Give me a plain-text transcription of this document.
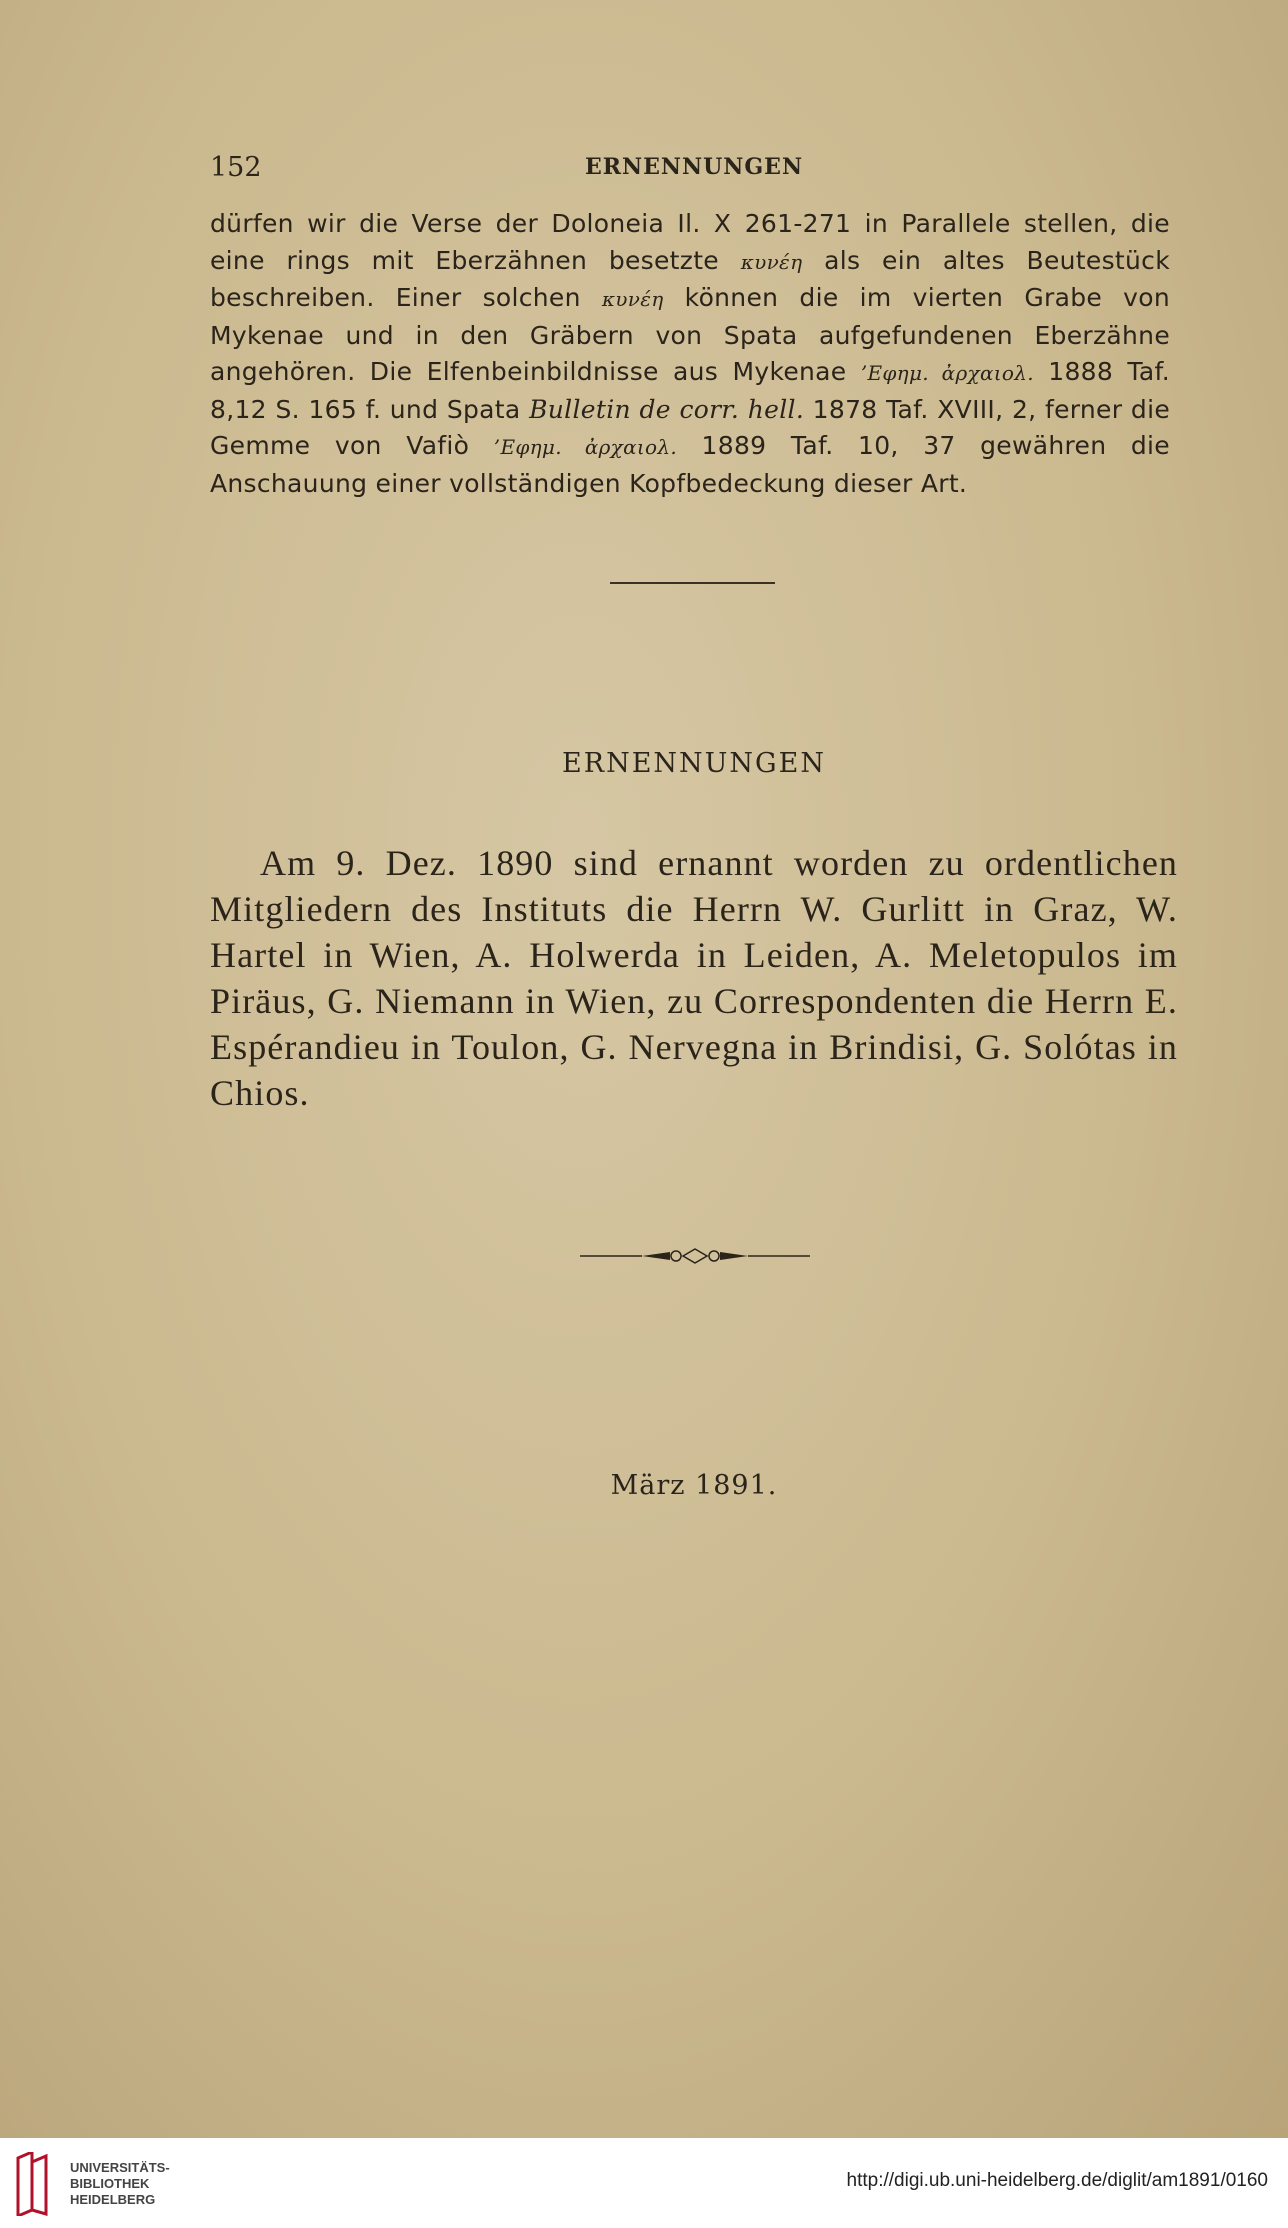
152	ERNENNUNGEN

dürfen wir die Verse der Doloneia Il. X 261-271 in Parallele stellen, die eine rings mit Eberzähnen besetzte κυνέη als ein altes Beutestück beschreiben. Einer solchen κυνέη können die im vierten Grabe von Mykenae und in den Gräbern von Spata aufgefundenen Eberzähne angehören. Die Elfenbeinbildnisse aus Mykenae ’Εφημ. ἀρχαιολ. 1888 Taf. 8,12 S. 165 f. und Spata Bulletin de corr. hell. 1878 Taf. XVIII, 2, ferner die Gemme von Vafiò ’Εφημ. ἀρχαιολ. 1889 Taf. 10, 37 gewähren die Anschauung einer vollständigen Kopfbedeckung dieser Art.

ERNENNUNGEN

Am 9. Dez. 1890 sind ernannt worden zu ordentlichen Mitgliedern des Instituts die Herrn W. Gurlitt in Graz, W. Hartel in Wien, A. Holwerda in Leiden, A. Meletopulos im Piräus, G. Niemann in Wien, zu Correspondenten die Herrn E. Espérandieu in Toulon, G. Nervegna in Brindisi, G. Solótas in Chios.

März 1891.
UNIVERSITÄTS-
BIBLIOTHEK
HEIDELBERG
http://digi.ub.uni-heidelberg.de/diglit/am1891/0160
